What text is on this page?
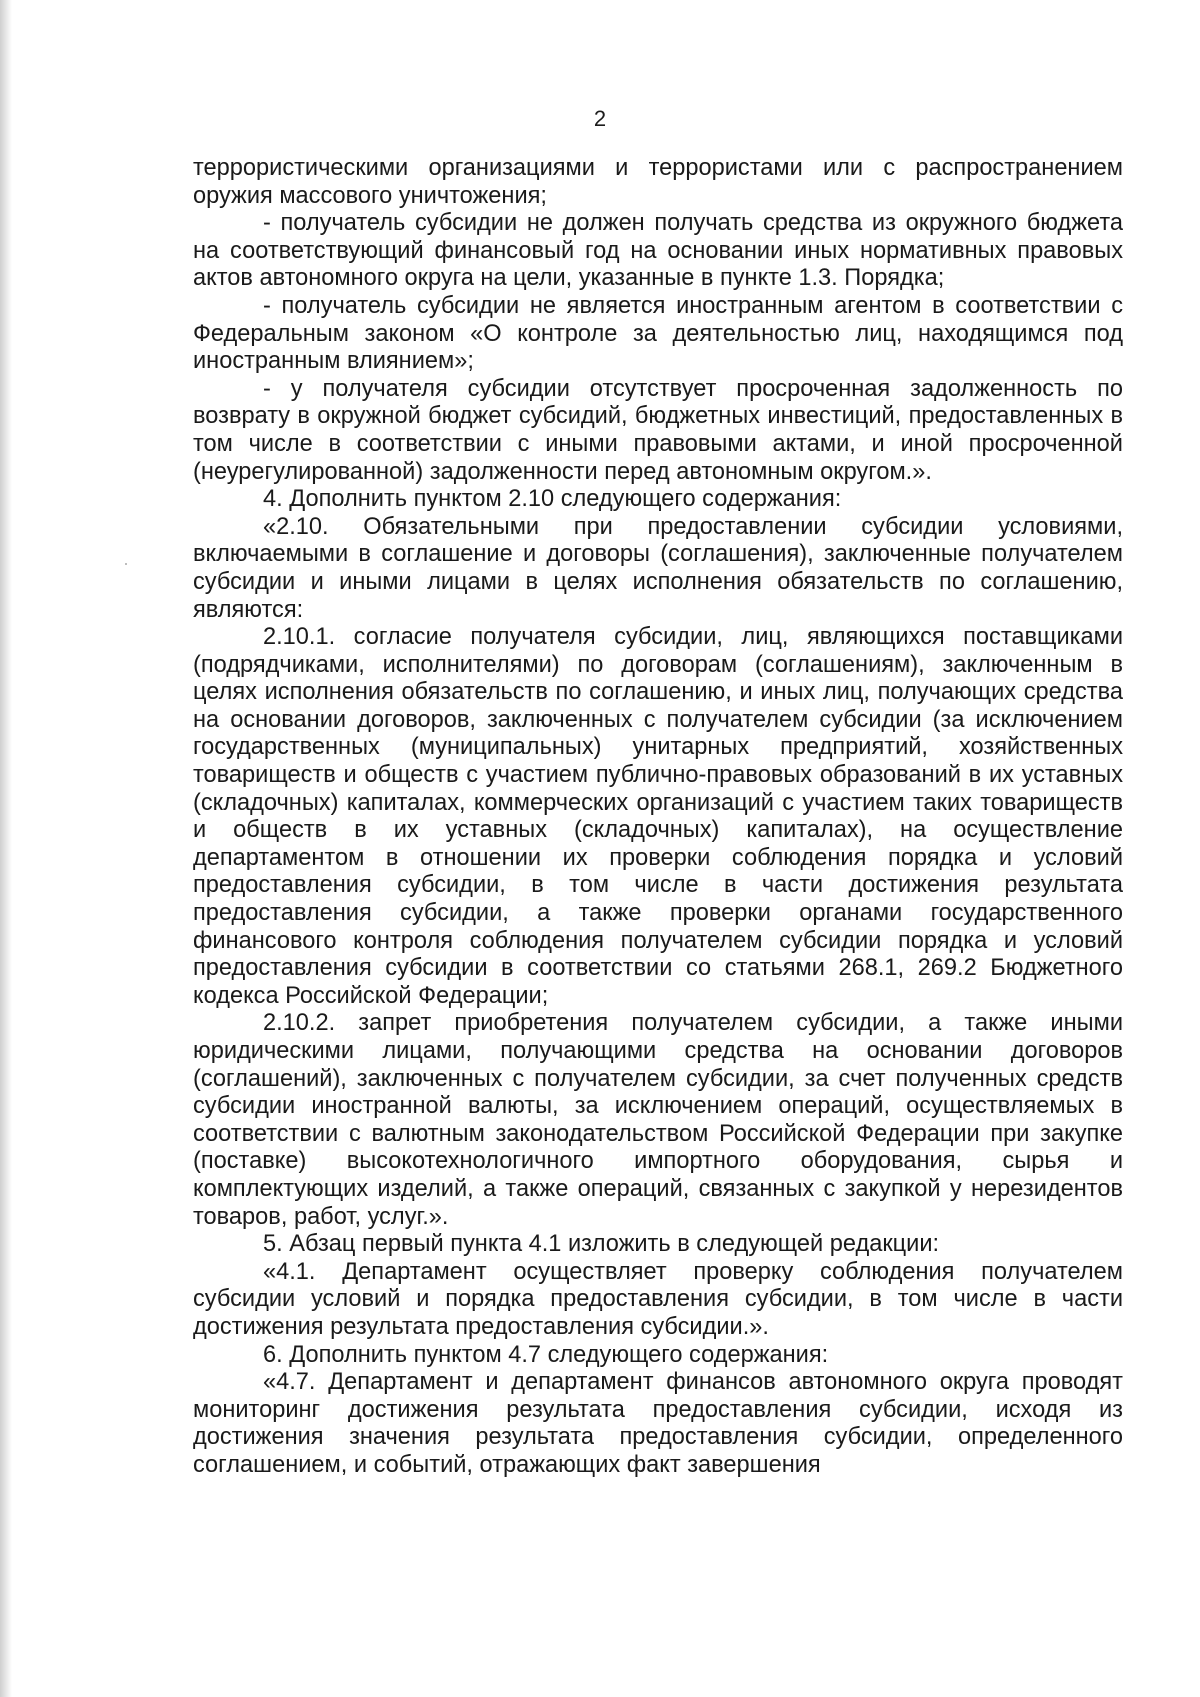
2

террористическими организациями и террористами или с распространением оружия массового уничтожения;

- получатель субсидии не должен получать средства из окружного бюджета на соответствующий финансовый год на основании иных нормативных правовых актов автономного округа на цели, указанные в пункте 1.3. Порядка;

- получатель субсидии не является иностранным агентом в соответствии с Федеральным законом «О контроле за деятельностью лиц, находящимся под иностранным влиянием»;

- у получателя субсидии отсутствует просроченная задолженность по возврату в окружной бюджет субсидий, бюджетных инвестиций, предоставленных в том числе в соответствии с иными правовыми актами, и иной просроченной (неурегулированной) задолженности перед автономным округом.».

4. Дополнить пунктом 2.10 следующего содержания:

«2.10. Обязательными при предоставлении субсидии условиями, включаемыми в соглашение и договоры (соглашения), заключенные получателем субсидии и иными лицами в целях исполнения обязательств по соглашению, являются:

2.10.1. согласие получателя субсидии, лиц, являющихся поставщиками (подрядчиками, исполнителями) по договорам (соглашениям), заключенным в целях исполнения обязательств по соглашению, и иных лиц, получающих средства на основании договоров, заключенных с получателем субсидии (за исключением государственных (муниципальных) унитарных предприятий, хозяйственных товариществ и обществ с участием публично-правовых образований в их уставных (складочных) капиталах, коммерческих организаций с участием таких товариществ и обществ в их уставных (складочных) капиталах), на осуществление департаментом в отношении их проверки соблюдения порядка и условий предоставления субсидии, в том числе в части достижения результата предоставления субсидии, а также проверки органами государственного финансового контроля соблюдения получателем субсидии порядка и условий предоставления субсидии в соответствии со статьями 268.1, 269.2 Бюджетного кодекса Российской Федерации;

2.10.2. запрет приобретения получателем субсидии, а также иными юридическими лицами, получающими средства на основании договоров (соглашений), заключенных с получателем субсидии, за счет полученных средств субсидии иностранной валюты, за исключением операций, осуществляемых в соответствии с валютным законодательством Российской Федерации при закупке (поставке) высокотехнологичного импортного оборудования, сырья и комплектующих изделий, а также операций, связанных с закупкой у нерезидентов товаров, работ, услуг.».

5. Абзац первый пункта 4.1 изложить в следующей редакции:

«4.1. Департамент осуществляет проверку соблюдения получателем субсидии условий и порядка предоставления субсидии, в том числе в части достижения результата предоставления субсидии.».

6. Дополнить пунктом 4.7 следующего содержания:

«4.7. Департамент и департамент финансов автономного округа проводят мониторинг достижения результата предоставления субсидии, исходя из достижения значения результата предоставления субсидии, определенного соглашением, и событий, отражающих факт завершения
